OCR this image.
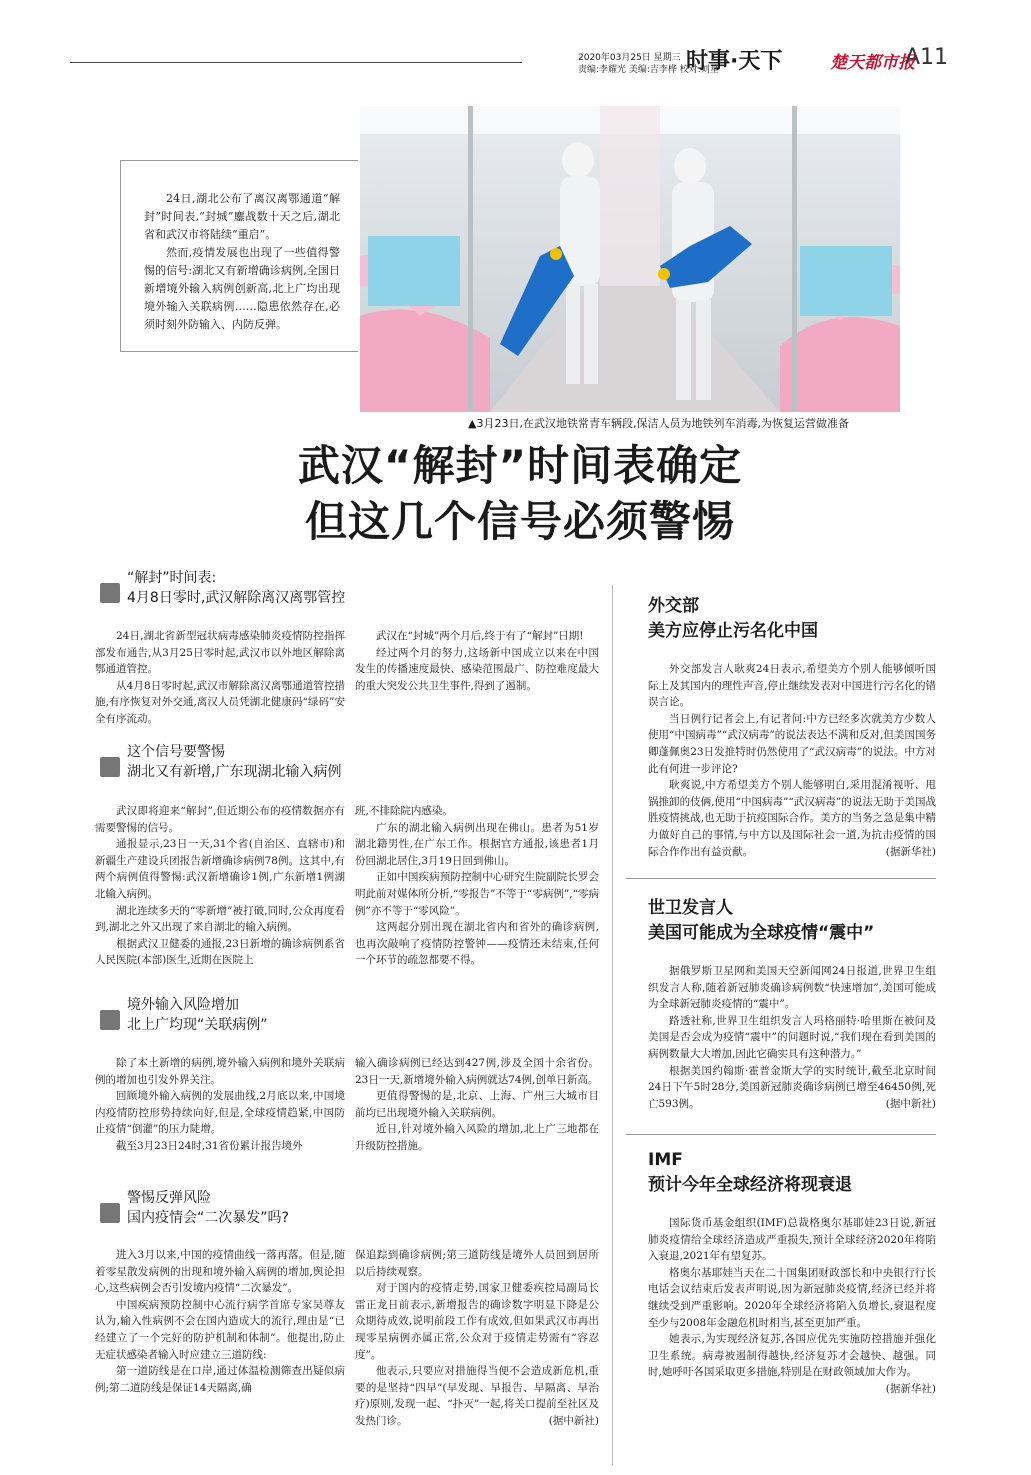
2020年03月25日 星期三
责编:李耀光 美编:吉李桦 校对:刘星
时事·天下	楚天都市报
A11

24日,湖北公布了离汉离鄂通道“解封”时间表,“封城”鏖战数十天之后,湖北省和武汉市将陆续“重启”。

然而,疫情发展也出现了一些值得警惕的信号:湖北又有新增确诊病例,全国日新增境外输入病例创新高,北上广均出现境外输入关联病例……隐患依然存在,必须时刻外防输入、内防反弹。

▲3月23日,在武汉地铁常青车辆段,保洁人员为地铁列车消毒,为恢复运营做准备
武汉“解封”时间表确定
但这几个信号必须警惕
“解封”时间表:
4月8日零时,武汉解除离汉离鄂管控

24日,湖北省新型冠状病毒感染肺炎疫情防控指挥部发布通告,从3月25日零时起,武汉市以外地区解除离鄂通道管控。

从4月8日零时起,武汉市解除离汉离鄂通道管控措施,有序恢复对外交通,离汉人员凭湖北健康码“绿码”安全有序流动。

武汉在“封城”两个月后,终于有了“解封”日期!

经过两个月的努力,这场新中国成立以来在中国发生的传播速度最快、感染范围最广、防控难度最大的重大突发公共卫生事件,得到了遏制。

这个信号要警惕
湖北又有新增,广东现湖北输入病例

武汉即将迎来“解封”,但近期公布的疫情数据亦有需要警惕的信号。

通报显示,23日一天,31个省(自治区、直辖市)和新疆生产建设兵团报告新增确诊病例78例。这其中,有两个病例值得警惕:武汉新增确诊1例,广东新增1例湖北输入病例。

湖北连续多天的“零新增”被打破,同时,公众再度看到,湖北之外又出现了来自湖北的输入病例。

根据武汉卫健委的通报,23日新增的确诊病例系省人民医院(本部)医生,近期在医院上

班,不排除院内感染。

广东的湖北输入病例出现在佛山。患者为51岁湖北籍男性,在广东工作。根据官方通报,该患者1月份回湖北居住,3月19日回到佛山。

正如中国疾病预防控制中心研究生院副院长罗会明此前对媒体所分析,“零报告”不等于“零病例”,“零病例”亦不等于“零风险”。

这两起分别出现在湖北省内和省外的确诊病例,也再次敲响了疫情防控警钟——疫情还未结束,任何一个环节的疏忽都要不得。

境外输入风险增加
北上广均现“关联病例”

除了本土新增的病例,境外输入病例和境外关联病例的增加也引发外界关注。

回顾境外输入病例的发展曲线,2月底以来,中国境内疫情防控形势持续向好,但是,全球疫情趋紧,中国防止疫情“倒灌”的压力陡增。

截至3月23日24时,31省份累计报告境外

输入确诊病例已经达到427例,涉及全国十余省份。23日一天,新增境外输入病例就达74例,创单日新高。

更值得警惕的是,北京、上海、广州三大城市目前均已出现境外输入关联病例。

近日,针对境外输入风险的增加,北上广三地都在升级防控措施。

警惕反弹风险
国内疫情会“二次暴发”吗?

进入3月以来,中国的疫情曲线一落再落。但是,随着零星散发病例的出现和境外输入病例的增加,舆论担心,这些病例会否引发境内疫情“二次暴发”。

中国疾病预防控制中心流行病学首席专家吴尊友认为,输入性病例不会在国内造成大的流行,理由是“已经建立了一个完好的防护机制和体制”。他提出,防止无症状感染者输入时应建立三道防线:

第一道防线是在口岸,通过体温检测筛查出疑似病例;第二道防线是保证14天隔离,确

保追踪到确诊病例;第三道防线是境外人员回到居所以后持续观察。

对于国内的疫情走势,国家卫健委疾控局副局长雷正龙日前表示,新增报告的确诊数字明显下降是公众期待成效,说明前段工作有成效,但如果武汉市再出现零星病例亦属正常,公众对于疫情走势需有“容忍度”。

他表示,只要应对措施得当便不会造成新危机,重要的是坚持“四早”(早发现、早报告、早隔离、早治疗)原则,发现一起、“扑灭”一起,将关口提前至社区及发热门诊。	(据中新社)

外交部
美方应停止污名化中国

外交部发言人耿爽24日表示,希望美方个别人能够倾听国际上及其国内的理性声音,停止继续发表对中国进行污名化的错误言论。

当日例行记者会上,有记者问:中方已经多次就美方少数人使用“中国病毒”“武汉病毒”的说法表达不满和反对,但美国国务卿蓬佩奥23日发推特时仍然使用了“武汉病毒”的说法。中方对此有何进一步评论?

耿爽说,中方希望美方个别人能够明白,采用混淆视听、甩锅推卸的伎俩,使用“中国病毒”“武汉病毒”的说法无助于美国战胜疫情挑战,也无助于抗疫国际合作。美方的当务之急是集中精力做好自己的事情,与中方以及国际社会一道,为抗击疫情的国际合作作出有益贡献。	(据新华社)

世卫发言人
美国可能成为全球疫情“震中”

据俄罗斯卫星网和美国天空新闻网24日报道,世界卫生组织发言人称,随着新冠肺炎确诊病例数“快速增加”,美国可能成为全球新冠肺炎疫情的“震中”。

路透社称,世界卫生组织发言人玛格丽特·哈里斯在被问及美国是否会成为疫情“震中”的问题时说,“我们现在看到美国的病例数量大大增加,因此它确实具有这种潜力。”

根据美国约翰斯·霍普金斯大学的实时统计,截至北京时间24日下午5时28分,美国新冠肺炎确诊病例已增至46450例,死亡593例。	(据中新社)

IMF
预计今年全球经济将现衰退

国际货币基金组织(IMF)总裁格奥尔基耶娃23日说,新冠肺炎疫情给全球经济造成严重损失,预计全球经济2020年将陷入衰退,2021年有望复苏。

格奥尔基耶娃当天在二十国集团财政部长和中央银行行长电话会议结束后发表声明说,因为新冠肺炎疫情,经济已经并将继续受到严重影响。2020年全球经济将陷入负增长,衰退程度至少与2008年金融危机时相当,甚至更加严重。

她表示,为实现经济复苏,各国应优先实施防控措施并强化卫生系统。病毒被遏制得越快,经济复苏才会越快、越强。同时,她呼吁各国采取更多措施,特别是在财政领域加大作为。
(据新华社)
